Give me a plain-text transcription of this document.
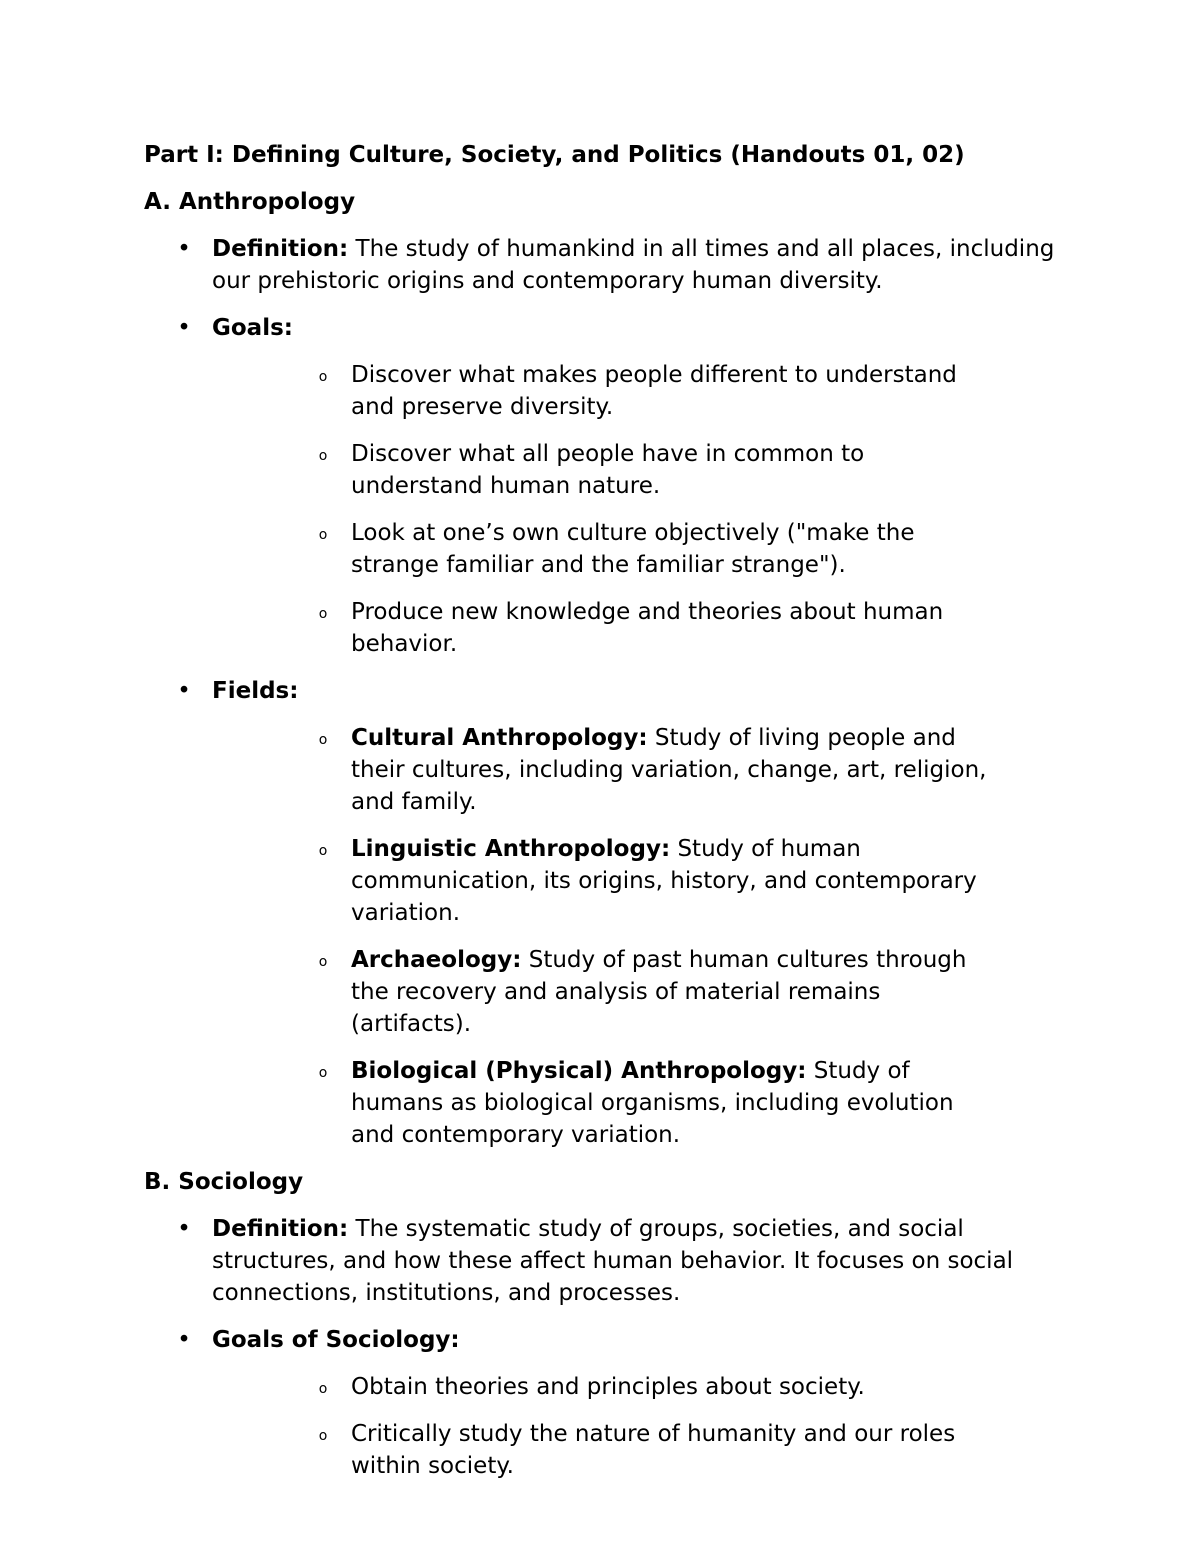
Part I: Defining Culture, Society, and Politics (Handouts 01, 02)
A. Anthropology
• Definition: The study of humankind in all times and all places, including our prehistoric origins and contemporary human diversity.
• Goals:
o	Discover what makes people different to understand and preserve diversity.
o	Discover what all people have in common to understand human nature.
o	Look at one’s own culture objectively ("make the strange familiar and the familiar strange").
o	Produce new knowledge and theories about human behavior.
• Fields:
o	Cultural Anthropology: Study of living people and their cultures, including variation, change, art, religion, and family.
o	Linguistic Anthropology: Study of human communication, its origins, history, and contemporary variation.
o	Archaeology: Study of past human cultures through the recovery and analysis of material remains (artifacts).
o	Biological (Physical) Anthropology: Study of humans as biological organisms, including evolution and contemporary variation.
B. Sociology
• Definition: The systematic study of groups, societies, and social structures, and how these affect human behavior. It focuses on social connections, institutions, and processes.
• Goals of Sociology:
o	Obtain theories and principles about society.
o	Critically study the nature of humanity and our roles within society.
